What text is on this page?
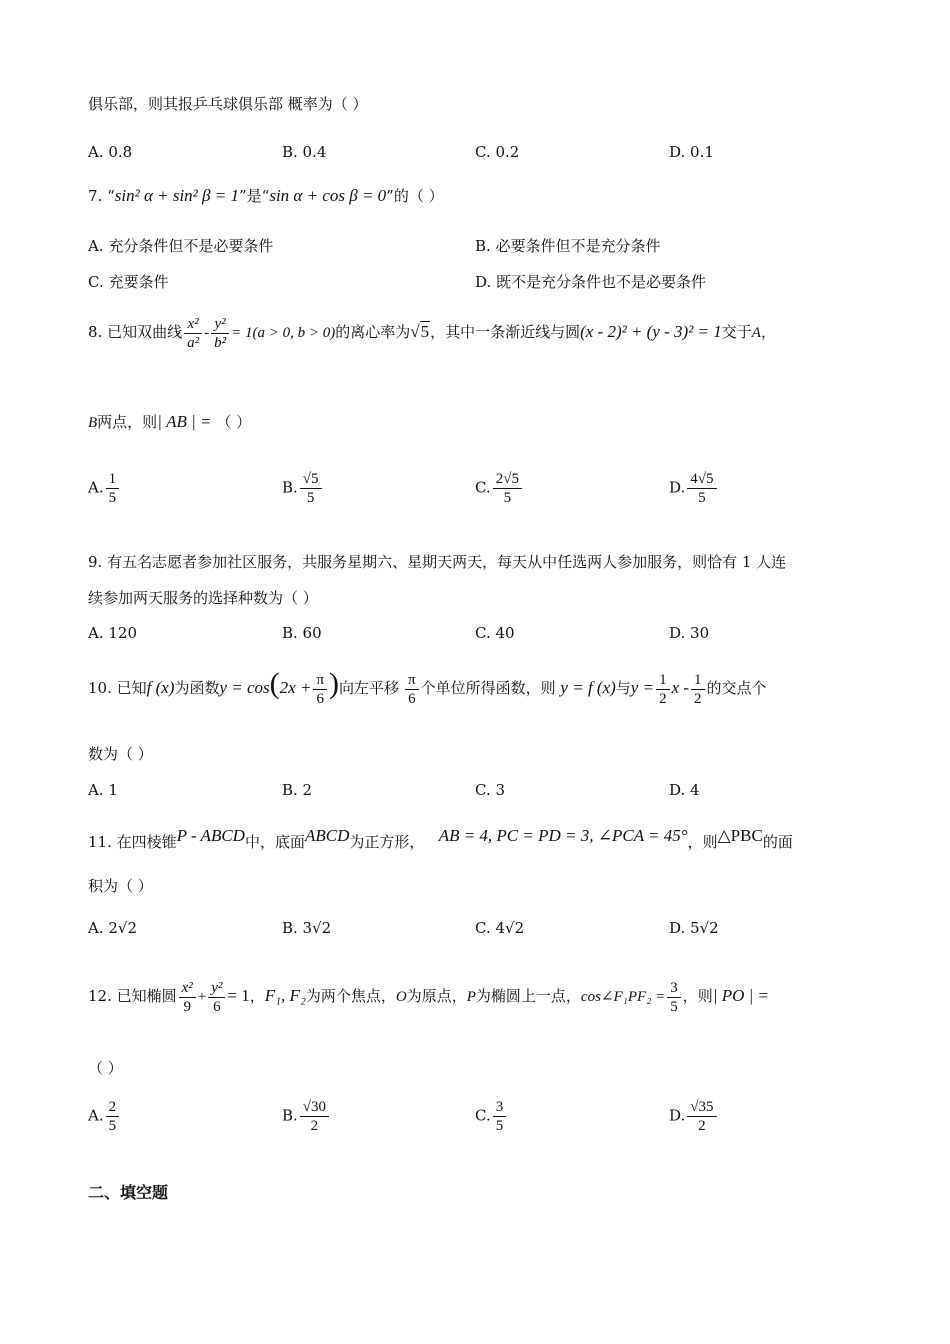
俱乐部，则其报乒乓球俱乐部 概率为（ ）
A. 0.8	B. 0.4	C. 0.2	D. 0.1
7. “sin² α + sin² β = 1”是“sin α + cos β = 0”的（ ）
A. 充分条件但不是必要条件	B. 必要条件但不是充分条件
C. 充要条件	D. 既不是充分条件也不是必要条件
8. 已知双曲线 $\frac{\text{x²}}{\text{a²}} - \frac{\text{y²}}{\text{b²}} = 1(a > 0$, b > 0)的离心率为√5，其中一条渐近线与圆(x - 2)² + (y - 3)² = 1交于A，
B两点，则| AB | = （ ）
A. $\frac{1}{5}$	B. $\frac{√5}{5}$	C. $\frac{2√5}{5}$	D. $\frac{4√5}{5}$
9. 有五名志愿者参加社区服务，共服务星期六、星期天两天，每天从中任选两人参加服务，则恰有 1 人连
续参加两天服务的选择种数为（ ）
A. 120	B. 60	C. 40	D. 30
10. 已知f (x)为函数$y = \cos(2x + \frac{\pi}{6}$ )向左平移 $\frac{\pi}{6}$ 个单位所得函数，则 y = f (x)与$y = \frac{1}{2}$ x - $\frac{1}{2}$ 的交点个
数为（ ）
A. 1	B. 2	C. 3	D. 4
11. 在四棱锥P - ABCD中，底面ABCD为正方形， AB = 4, PC = PD = 3, ∠PCA = 45°，则△PBC的面
积为（ ）
A. 2√2	B. 3√2	C. 4√2	D. 5√2
12. 已知椭圆 $\frac{\text{x²}}{9} + \frac{\text{y²}}{6} = 1$，F₁, F₂为两个焦点，O为原点，P为椭圆上一点，cos∠F₁PF₂ = $\frac{3}{5}$ ，则| PO | =
（ ）
A. $\frac{2}{5}$	B. $\frac{√30}{2}$	C. $\frac{3}{5}$	D. $\frac{√35}{2}$
二、填空题
